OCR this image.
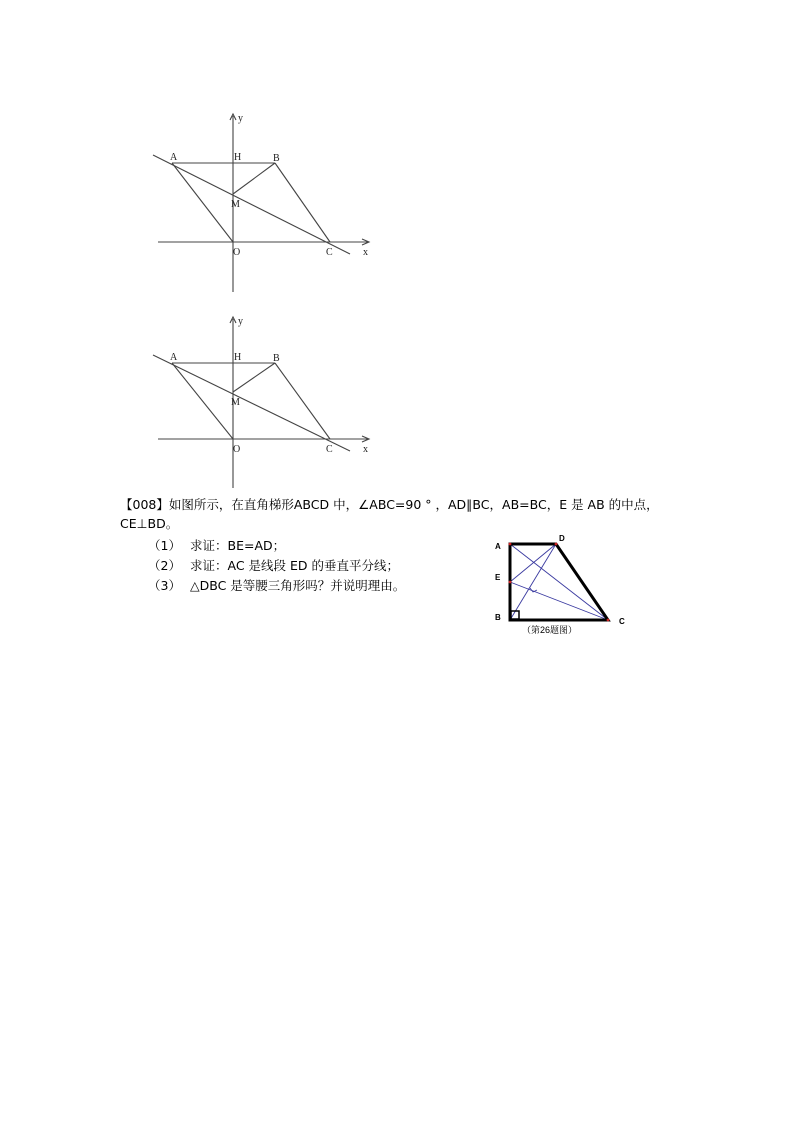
y
x
A	H	B
M
O	C
y
x
A	H	B
M
O	C
【008】如图所示，在直角梯形ABCD 中，∠ABC=90 ° ，AD∥BC，AB=BC，E 是 AB 的中点，CE⊥BD。
（1） 求证：BE=AD；
（2） 求证：AC 是线段 ED 的垂直平分线；
（3） △DBC 是等腰三角形吗？并说明理由。
A
D
E
B	C
（第26题图）
